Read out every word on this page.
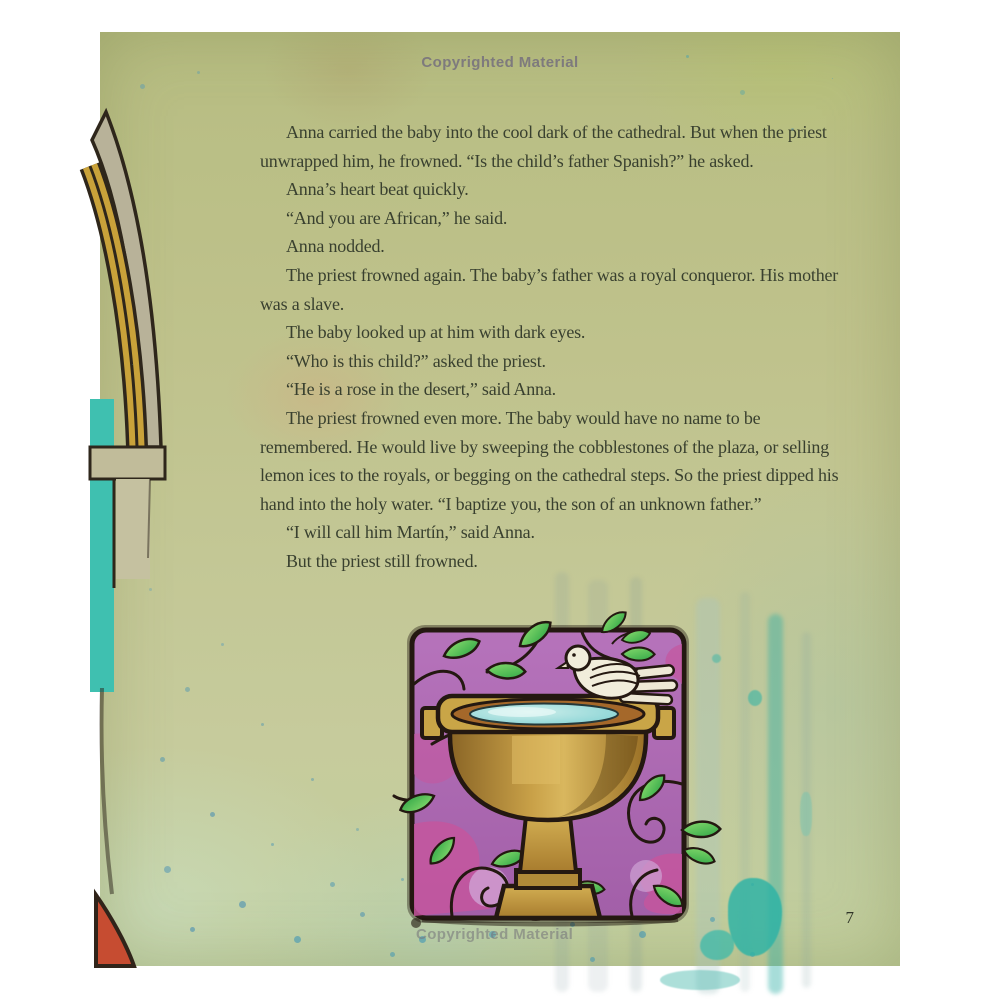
Copyrighted Material

Anna carried the baby into the cool dark of the cathedral. But when the priest unwrapped him, he frowned. “Is the child’s father Spanish?” he asked.

Anna’s heart beat quickly.

“And you are African,” he said.

Anna nodded.

The priest frowned again. The baby’s father was a royal conqueror. His mother was a slave.

The baby looked up at him with dark eyes.

“Who is this child?” asked the priest.

“He is a rose in the desert,” said Anna.

The priest frowned even more. The baby would have no name to be remembered. He would live by sweeping the cobblestones of the plaza, or selling lemon ices to the royals, or begging on the cathedral steps. So the priest dipped his hand into the holy water. “I baptize you, the son of an unknown father.”

“I will call him Martín,” said Anna.

But the priest still frowned.

Copyrighted Material
7
